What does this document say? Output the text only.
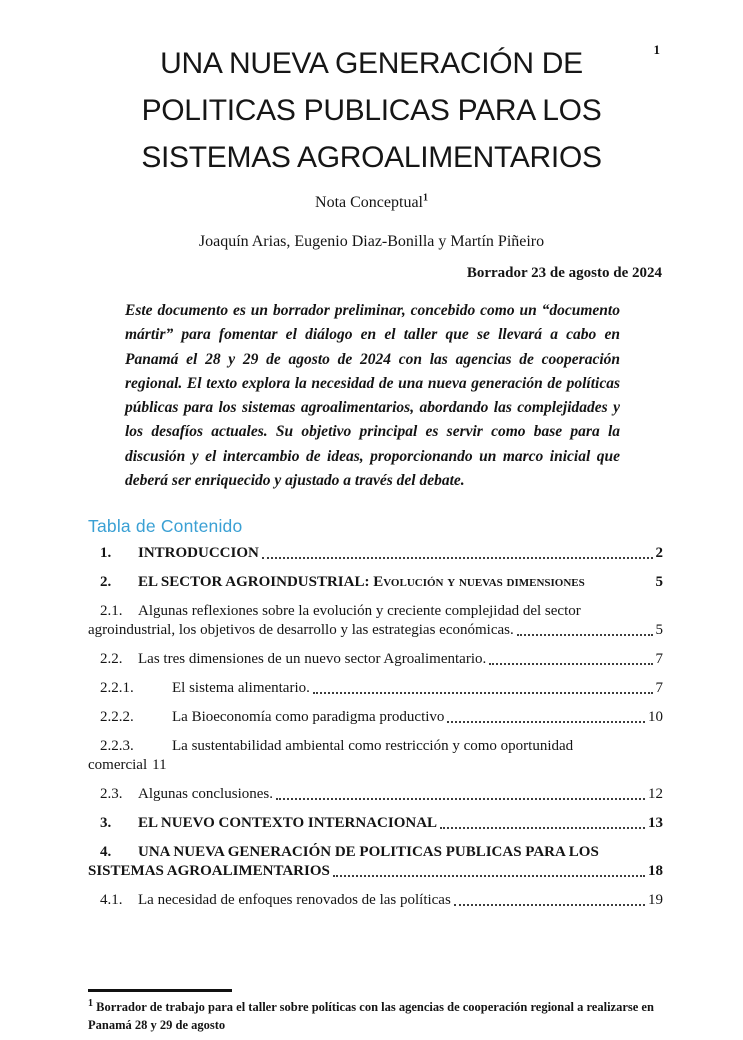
1
UNA NUEVA GENERACIÓN DE
POLITICAS PUBLICAS PARA LOS
SISTEMAS AGROALIMENTARIOS
Nota Conceptual$^1$
Joaquín Arias, Eugenio Diaz-Bonilla y Martín Piñeiro
Borrador 23 de agosto de 2024
Este documento es un borrador preliminar, concebido como un “documento mártir” para fomentar el diálogo en el taller que se llevará a cabo en Panamá el 28 y 29 de agosto de 2024 con las agencias de cooperación regional. El texto explora la necesidad de una nueva generación de políticas públicas para los sistemas agroalimentarios, abordando las complejidades y los desafíos actuales. Su objetivo principal es servir como base para la discusión y el intercambio de ideas, proporcionando un marco inicial que deberá ser enriquecido y ajustado a través del debate.
Tabla de Contenido
1.	INTRODUCCION	2
2.	EL SECTOR AGROINDUSTRIAL: Evolución y nuevas dimensiones	5
2.1.	Algunas reflexiones sobre la evolución y creciente complejidad del sector
agroindustrial, los objetivos de desarrollo y las estrategias económicas.	5
2.2.	Las tres dimensiones de un nuevo sector Agroalimentario.	7
2.2.1.	El sistema alimentario.	7
2.2.2.	La Bioeconomía como paradigma productivo	10
2.2.3.	La sustentabilidad ambiental como restricción y como oportunidad
comercial 11
2.3.	Algunas conclusiones.	12
3.	EL NUEVO CONTEXTO INTERNACIONAL	13
4.	UNA NUEVA GENERACIÓN DE POLITICAS PUBLICAS PARA LOS
SISTEMAS AGROALIMENTARIOS	18
4.1.	La necesidad de enfoques renovados de las políticas	19
$^1$ Borrador de trabajo para el taller sobre políticas con las agencias de cooperación regional a realizarse en Panamá 28 y 29 de agosto
